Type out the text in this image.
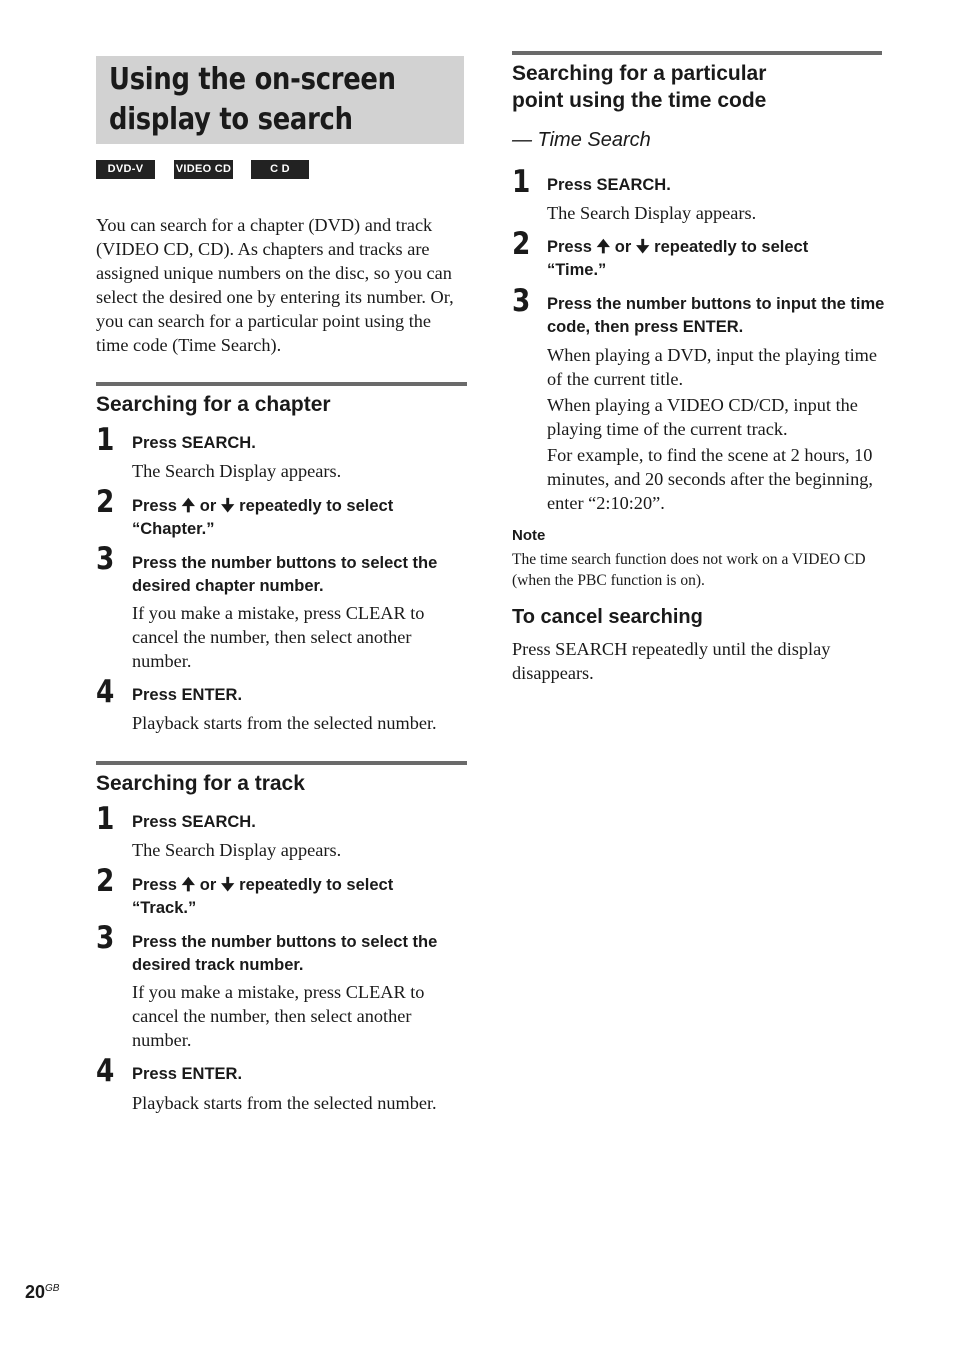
Using the on-screen
display to search
DVD-V	VIDEO CD	C D
You can search for a chapter (DVD) and track (VIDEO CD, CD). As chapters and tracks are assigned unique numbers on the disc, so you can select the desired one by entering its number. Or, you can search for a particular point using the time code (Time Search).
Searching for a chapter
1 Press SEARCH.
The Search Display appears.
2 Press 🠉 or 🠋 repeatedly to select
“Chapter.”
3 Press the number buttons to select the desired chapter number.
If you make a mistake, press CLEAR to cancel the number, then select another number.
4 Press ENTER.
Playback starts from the selected number.
Searching for a track
1 Press SEARCH.
The Search Display appears.
2 Press 🠉 or 🠋 repeatedly to select
“Track.”
3 Press the number buttons to select the desired track number.
If you make a mistake, press CLEAR to cancel the number, then select another number.
4 Press ENTER.
Playback starts from the selected number.
Searching for a particular
point using the time code
— Time Search
1 Press SEARCH.
The Search Display appears.
2 Press 🠉 or 🠋 repeatedly to select
“Time.”
3 Press the number buttons to input the time code, then press ENTER.
When playing a DVD, input the playing time of the current title.
When playing a VIDEO CD/CD, input the playing time of the current track.
For example, to find the scene at 2 hours, 10 minutes, and 20 seconds after the beginning, enter “2:10:20”.
Note
The time search function does not work on a VIDEO CD (when the PBC function is on).
To cancel searching
Press SEARCH repeatedly until the display disappears.
$20^{GB}$
